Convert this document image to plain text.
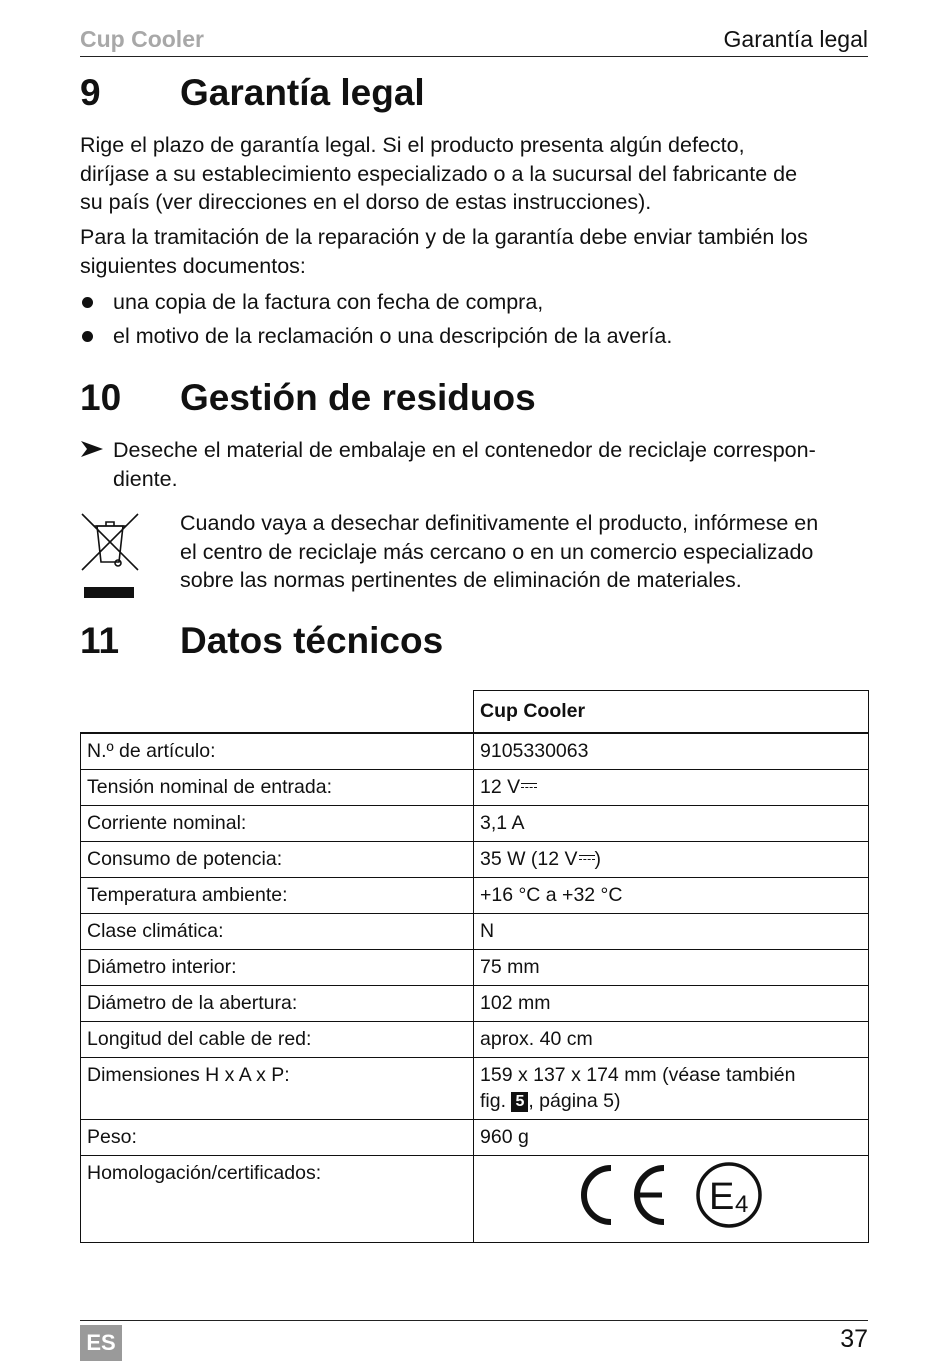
Cup Cooler	Garantía legal
9 Garantía legal

Rige el plazo de garantía legal. Si el producto presenta algún defecto,
diríjase a su establecimiento especializado o a la sucursal del fabricante de
su país (ver direcciones en el dorso de estas instrucciones).

Para la tramitación de la reparación y de la garantía debe enviar también los
siguientes documentos:

una copia de la factura con fecha de compra,
el motivo de la reclamación o una descripción de la avería.
10 Gestión de residuos

Deseche el material de embalaje en el contenedor de reciclaje correspon-
diente.

Cuando vaya a desechar definitivamente el producto, infórmese en
el centro de reciclaje más cercano o en un comercio especializado
sobre las normas pertinentes de eliminación de materiales.

11 Datos técnicos
	Cup Cooler
N.º de artículo:	9105330063
Tensión nominal de entrada:	12 V
Corriente nominal:	3,1 A
Consumo de potencia:	35 W (12 V )
Temperatura ambiente:	+16 °C a +32 °C
Clase climática:	N
Diámetro interior:	75 mm
Diámetro de la abertura:	102 mm
Longitud del cable de red:	aprox. 40 cm
Dimensiones H x A x P:	159 x 137 x 174 mm (véase también
fig. 5 , página 5)
Peso:	960 g
Homologación/certificados:	E 4
ES	37
